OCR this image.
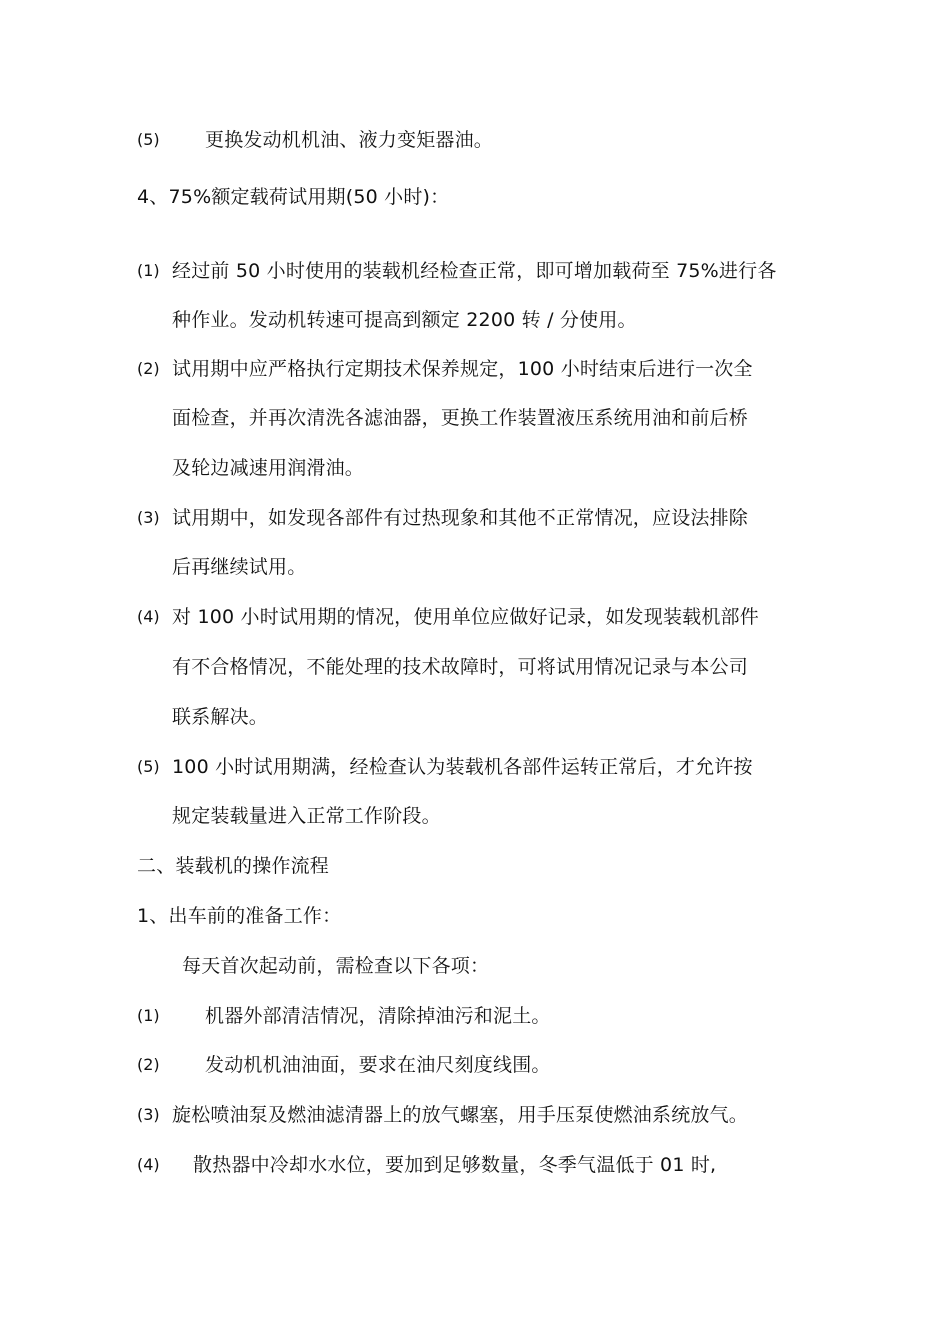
(5) 更换发动机机油、液力变矩器油。
4、75%额定载荷试用期(50 小时)：
(1) 经过前 50 小时使用的装载机经检查正常，即可增加载荷至 75%进行各
种作业。发动机转速可提高到额定 2200 转 / 分使用。
(2) 试用期中应严格执行定期技术保养规定，100 小时结束后进行一次全
面检查，并再次清洗各滤油器，更换工作装置液压系统用油和前后桥
及轮边减速用润滑油。
(3) 试用期中，如发现各部件有过热现象和其他不正常情况，应设法排除
后再继续试用。
(4) 对 100 小时试用期的情况，使用单位应做好记录，如发现装载机部件
有不合格情况，不能处理的技术故障时，可将试用情况记录与本公司
联系解决。
(5) 100 小时试用期满，经检查认为装载机各部件运转正常后，才允许按
规定装载量进入正常工作阶段。
二、装载机的操作流程
1、出车前的准备工作：
每天首次起动前，需检查以下各项：
(1) 机器外部清洁情况，清除掉油污和泥土。
(2) 发动机机油油面，要求在油尺刻度线围。
(3) 旋松喷油泵及燃油滤清器上的放气螺塞，用手压泵使燃油系统放气。
(4) 散热器中冷却水水位，要加到足够数量，冬季气温低于 01 时,
